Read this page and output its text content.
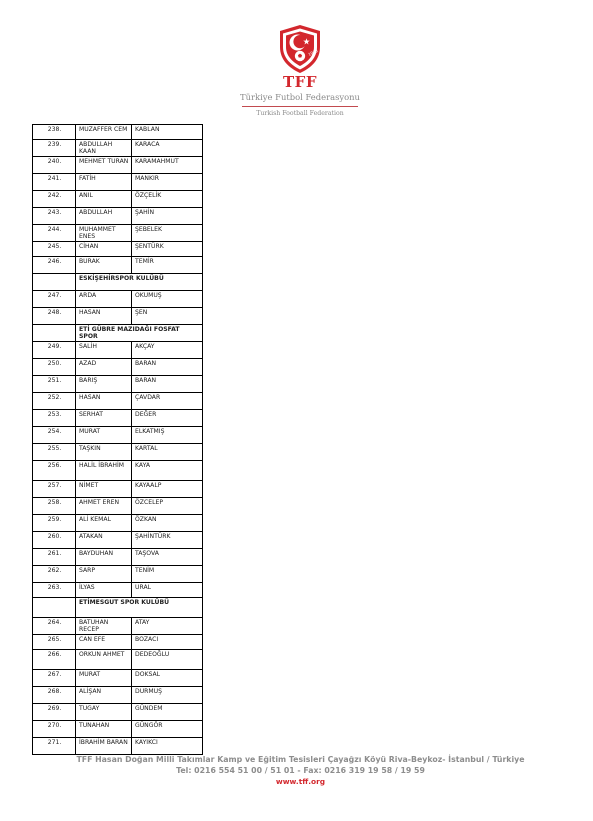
1923
TFF
Türkiye Futbol Federasyonu
Turkish Football Federation
238.	MUZAFFER CEM	KABLAN
239.	ABDULLAH KAAN	KARACA
240.	MEHMET TURAN	KARAMAHMUT
241.	FATİH	MANKIR
242.	ANIL	ÖZÇELİK
243.	ABDULLAH	ŞAHİN
244.	MUHAMMET ENES	ŞEBELEK
245.	CİHAN	ŞENTÜRK
246.	BURAK	TEMİR
	ESKİŞEHİRSPOR KULÜBÜ	
247.	ARDA	OKUMUŞ
248.	HASAN	ŞEN
	ETİ GÜBRE MAZIDAĞI FOSFAT SPOR	
249.	SALİH	AKÇAY
250.	AZAD	BARAN
251.	BARIŞ	BARAN
252.	HASAN	ÇAVDAR
253.	SERHAT	DEĞER
254.	MURAT	ELKATMIŞ
255.	TAŞKIN	KARTAL
256.	HALİL İBRAHİM	KAYA
257.	NİMET	KAYAALP
258.	AHMET EREN	ÖZCELEP
259.	ALİ KEMAL	ÖZKAN
260.	ATAKAN	ŞAHİNTÜRK
261.	BAYDUHAN	TAŞOVA
262.	SARP	TENİM
263.	İLYAS	URAL
	ETİMESGUT SPOR KULÜBÜ	
264.	BATUHAN RECEP	ATAY
265.	CAN EFE	BOZACI
266.	ORKUN AHMET	DEDEOĞLU
267.	MURAT	DOKSAL
268.	ALİŞAN	DURMUŞ
269.	TUGAY	GÜNDEM
270.	TUNAHAN	GÜNGÖR
271.	İBRAHİM BARAN	KAYIKCI
TFF Hasan Doğan Milli Takımlar Kamp ve Eğitim Tesisleri Çayağzı Köyü Riva-Beykoz- İstanbul / Türkiye
Tel: 0216 554 51 00 / 51 01 - Fax: 0216 319 19 58 / 19 59
www.tff.org
